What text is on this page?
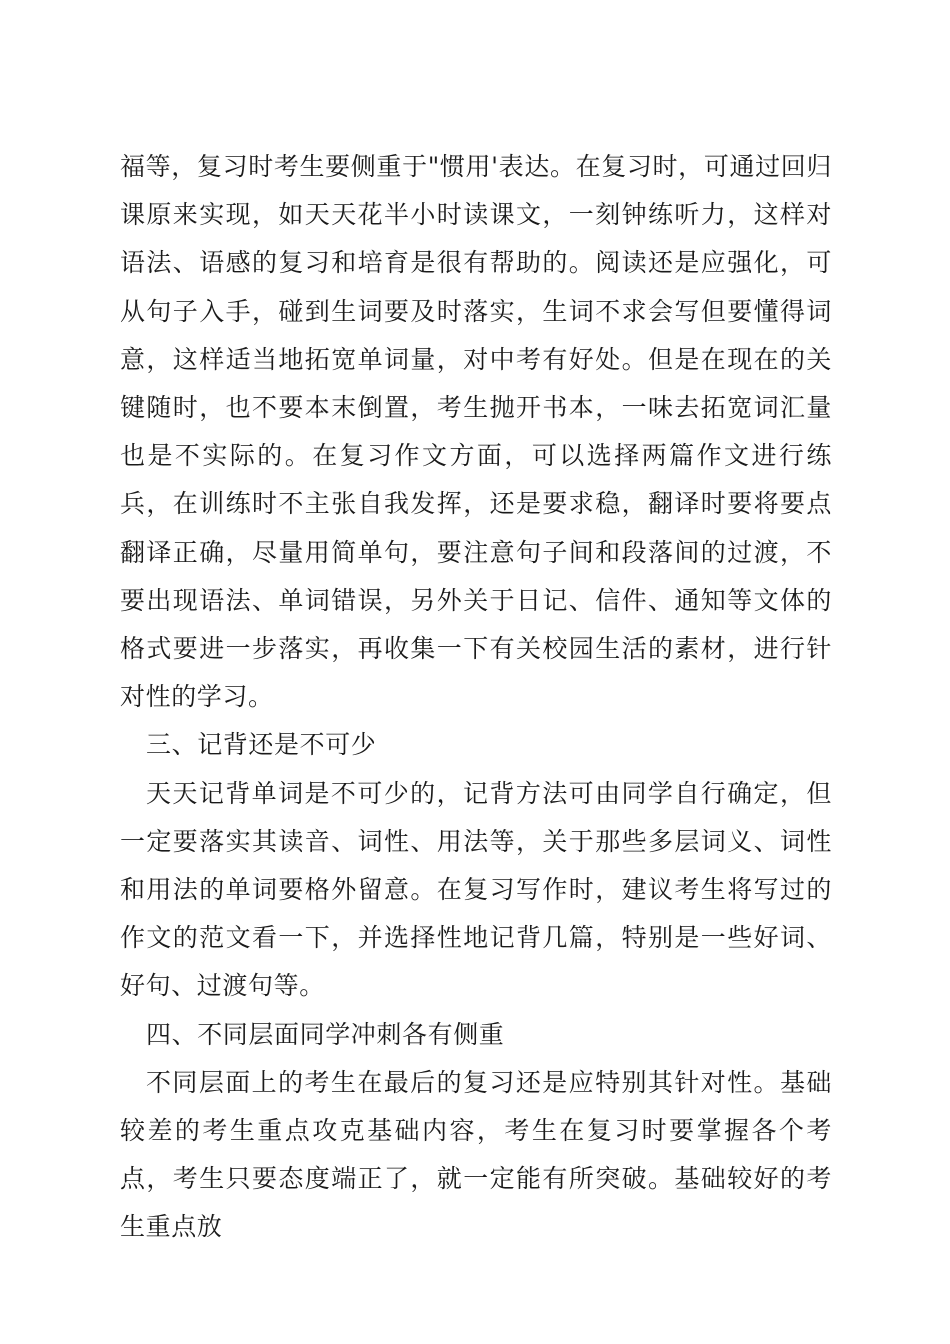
福等，复习时考生要侧重于"惯用'表达。在复习时，可通过回归课原来实现，如天天花半小时读课文，一刻钟练听力，这样对语法、语感的复习和培育是很有帮助的。阅读还是应强化，可从句子入手，碰到生词要及时落实，生词不求会写但要懂得词意，这样适当地拓宽单词量，对中考有好处。但是在现在的关键随时，也不要本末倒置，考生抛开书本，一味去拓宽词汇量也是不实际的。在复习作文方面，可以选择两篇作文进行练兵，在训练时不主张自我发挥，还是要求稳，翻译时要将要点翻译正确，尽量用简单句，要注意句子间和段落间的过渡，不要出现语法、单词错误，另外关于日记、信件、通知等文体的格式要进一步落实，再收集一下有关校园生活的素材，进行针对性的学习。

三、记背还是不可少

天天记背单词是不可少的，记背方法可由同学自行确定，但一定要落实其读音、词性、用法等，关于那些多层词义、词性和用法的单词要格外留意。在复习写作时，建议考生将写过的作文的范文看一下，并选择性地记背几篇，特别是一些好词、好句、过渡句等。

四、不同层面同学冲刺各有侧重

不同层面上的考生在最后的复习还是应特别其针对性。基础较差的考生重点攻克基础内容，考生在复习时要掌握各个考点，考生只要态度端正了，就一定能有所突破。基础较好的考生重点放
